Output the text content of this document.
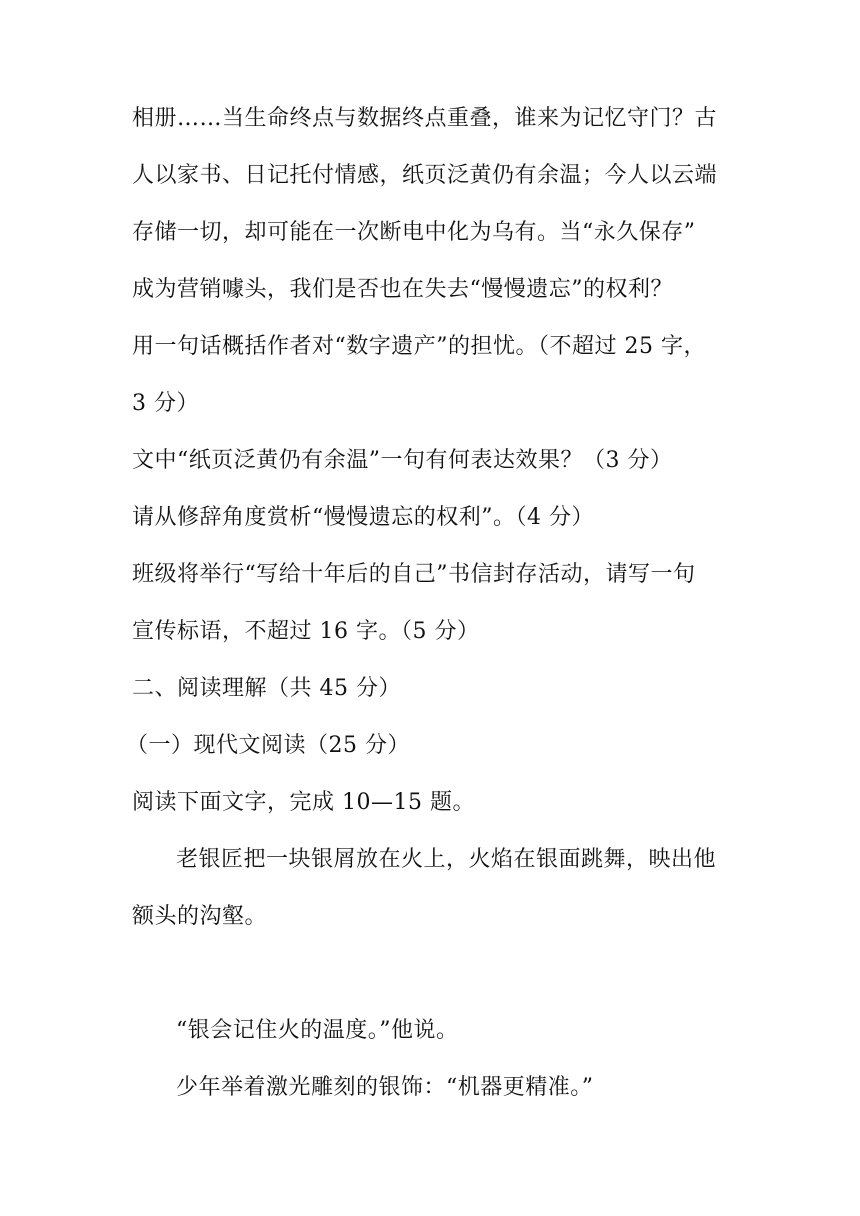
相册……当生命终点与数据终点重叠，谁来为记忆守门？古
人以家书、日记托付情感，纸页泛黄仍有余温；今人以云端
存储一切，却可能在一次断电中化为乌有。当“永久保存”
成为营销噱头，我们是否也在失去“慢慢遗忘”的权利？
用一句话概括作者对“数字遗产”的担忧。（不超过 25 字，
3 分）
文中“纸页泛黄仍有余温”一句有何表达效果？（3 分）
请从修辞角度赏析“慢慢遗忘的权利”。（4 分）
班级将举行“写给十年后的自己”书信封存活动，请写一句
宣传标语，不超过 16 字。（5 分）
二、阅读理解（共 45 分）
（一）现代文阅读（25 分）
阅读下面文字，完成 10—15 题。
老银匠把一块银屑放在火上，火焰在银面跳舞，映出他
额头的沟壑。
“银会记住火的温度。”他说。
少年举着激光雕刻的银饰：“机器更精准。”
